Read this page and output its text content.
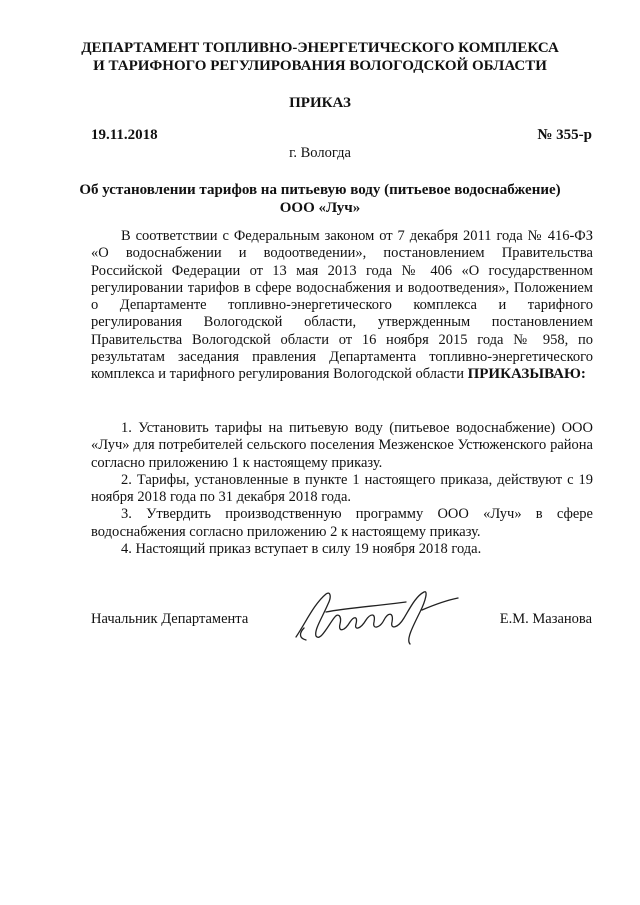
ДЕПАРТАМЕНТ ТОПЛИВНО-ЭНЕРГЕТИЧЕСКОГО КОМПЛЕКСА
И ТАРИФНОГО РЕГУЛИРОВАНИЯ ВОЛОГОДСКОЙ ОБЛАСТИ
ПРИКАЗ
19.11.2018	№ 355-р
г. Вологда
Об установлении тарифов на питьевую воду (питьевое водоснабжение)
ООО «Луч»
В соответствии с Федеральным законом от 7 декабря 2011 года № 416-ФЗ «О водоснабжении и водоотведении», постановлением Правительства Российской Федерации от 13 мая 2013 года № 406 «О государственном регулировании тарифов в сфере водоснабжения и водоотведения», Положением о Департаменте топливно-энергетического комплекса и тарифного регулирования Вологодской области, утвержденным постановлением Правительства Вологодской области от 16 ноября 2015 года № 958, по результатам заседания правления Департамента топливно-энергетического комплекса и тарифного регулирования Вологодской области ПРИКАЗЫВАЮ:

1. Установить тарифы на питьевую воду (питьевое водоснабжение) ООО «Луч» для потребителей сельского поселения Мезженское Устюженского района согласно приложению 1 к настоящему приказу.

2. Тарифы, установленные в пункте 1 настоящего приказа, действуют с 19 ноября 2018 года по 31 декабря 2018 года.

3. Утвердить производственную программу ООО «Луч» в сфере водоснабжения согласно приложению 2 к настоящему приказу.

4. Настоящий приказ вступает в силу 19 ноября 2018 года.

Начальник Департамента	Е.М. Мазанова
